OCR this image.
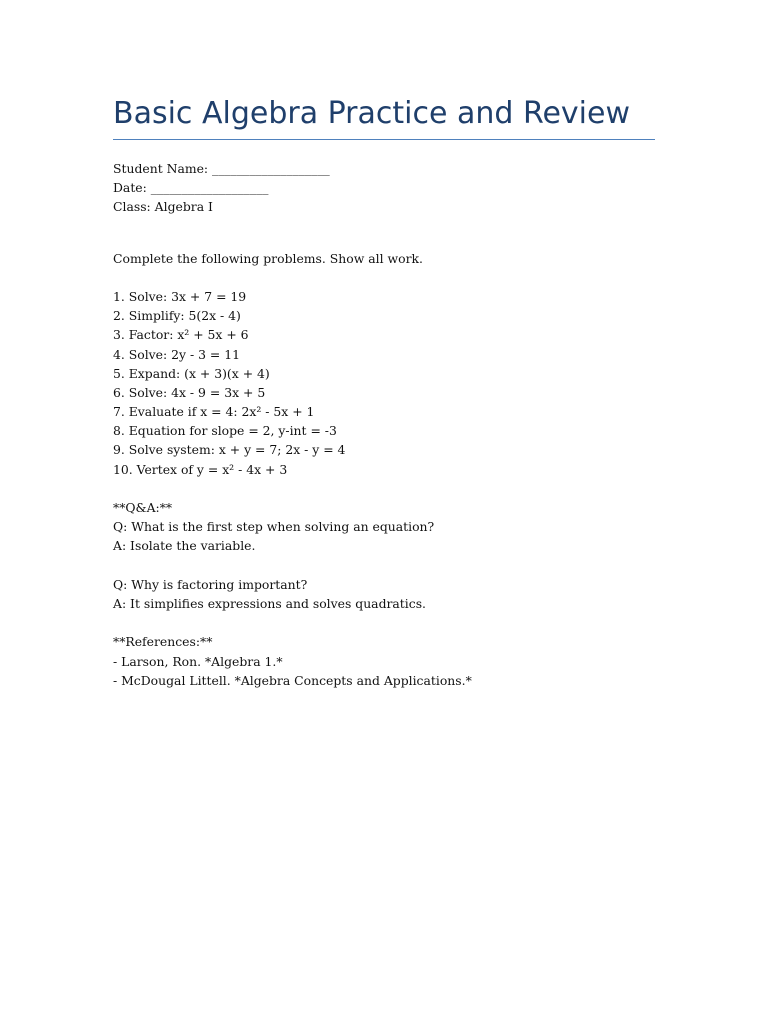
Basic Algebra Practice and Review
Student Name: ___________________
Date: ___________________
Class: Algebra I
Complete the following problems. Show all work.
1. Solve: 3x + 7 = 19
2. Simplify: 5(2x - 4)
3. Factor: x² + 5x + 6
4. Solve: 2y - 3 = 11
5. Expand: (x + 3)(x + 4)
6. Solve: 4x - 9 = 3x + 5
7. Evaluate if x = 4: 2x² - 5x + 1
8. Equation for slope = 2, y-int = -3
9. Solve system: x + y = 7; 2x - y = 4
10. Vertex of y = x² - 4x + 3
**Q&A:**
Q: What is the first step when solving an equation?
A: Isolate the variable.
Q: Why is factoring important?
A: It simplifies expressions and solves quadratics.
**References:**
- Larson, Ron. *Algebra 1.*
- McDougal Littell. *Algebra Concepts and Applications.*
